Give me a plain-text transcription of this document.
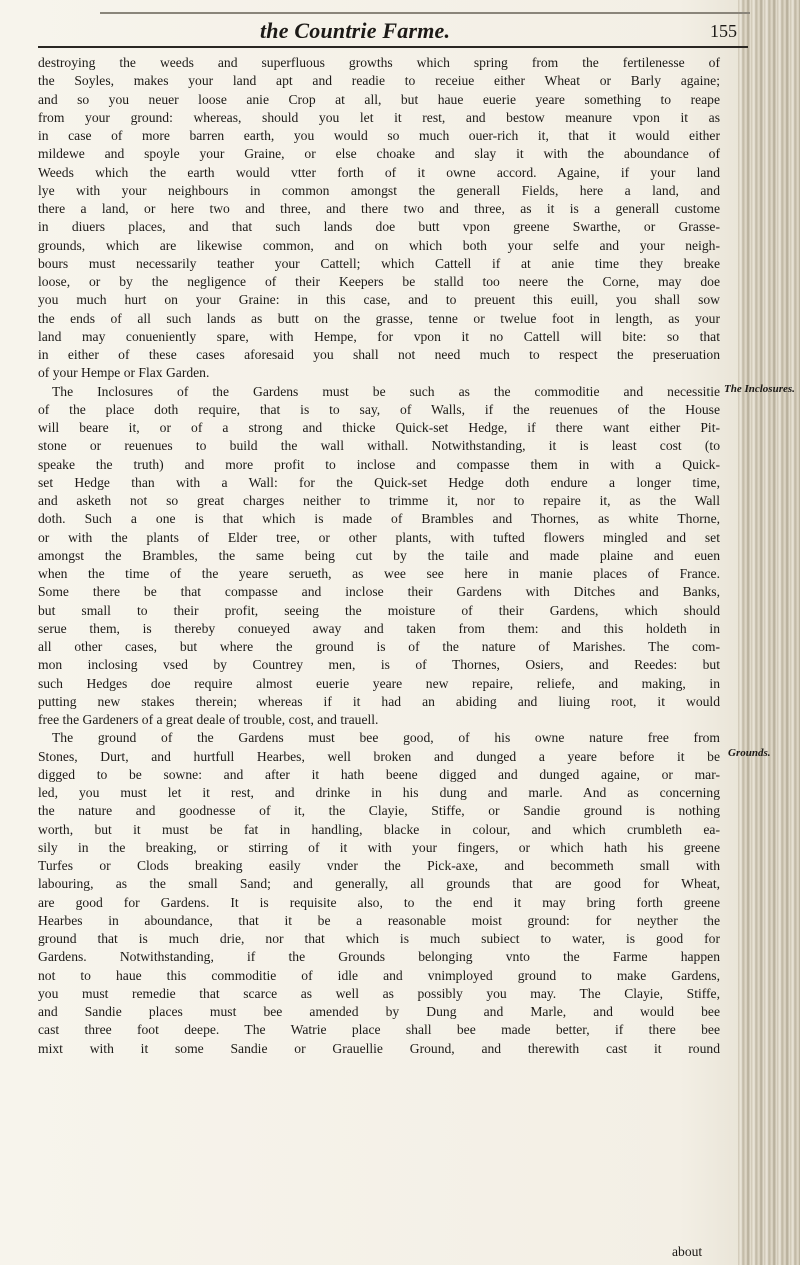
the Countrie Farme.	155
destroying the weeds and superfluous growths which spring from the fertilenesse of
the Soyles, makes your land apt and readie to receiue either Wheat or Barly againe;
and so you neuer loose anie Crop at all, but haue euerie yeare something to reape
from your ground: whereas, should you let it rest, and bestow meanure vpon it as
in case of more barren earth, you would so much ouer-rich it, that it would either
mildewe and spoyle your Graine, or else choake and slay it with the aboundance of
Weeds which the earth would vtter forth of it owne accord. Againe, if your land
lye with your neighbours in common amongst the generall Fields, here a land, and
there a land, or here two and three, and there two and three, as it is a generall custome
in diuers places, and that such lands doe butt vpon greene Swarthe, or Grasse-
grounds, which are likewise common, and on which both your selfe and your neigh-
bours must necessarily teather your Cattell; which Cattell if at anie time they breake
loose, or by the negligence of their Keepers be stalld too neere the Corne, may doe
you much hurt on your Graine: in this case, and to preuent this euill, you shall sow
the ends of all such lands as butt on the grasse, tenne or twelue foot in length, as your
land may conueniently spare, with Hempe, for vpon it no Cattell will bite: so that
in either of these cases aforesaid you shall not need much to respect the preseruation
of your Hempe or Flax Garden.
The Inclosures of the Gardens must be such as the commoditie and necessitie
of the place doth require, that is to say, of Walls, if the reuenues of the House
will beare it, or of a strong and thicke Quick-set Hedge, if there want either Pit-
stone or reuenues to build the wall withall. Notwithstanding, it is least cost (to
speake the truth) and more profit to inclose and compasse them in with a Quick-
set Hedge than with a Wall: for the Quick-set Hedge doth endure a longer time,
and asketh not so great charges neither to trimme it, nor to repaire it, as the Wall
doth. Such a one is that which is made of Brambles and Thornes, as white Thorne,
or with the plants of Elder tree, or other plants, with tufted flowers mingled and set
amongst the Brambles, the same being cut by the taile and made plaine and euen
when the time of the yeare serueth, as wee see here in manie places of France.
Some there be that compasse and inclose their Gardens with Ditches and Banks,
but small to their profit, seeing the moisture of their Gardens, which should
serue them, is thereby conueyed away and taken from them: and this holdeth in
all other cases, but where the ground is of the nature of Marishes. The com-
mon inclosing vsed by Countrey men, is of Thornes, Osiers, and Reedes: but
such Hedges doe require almost euerie yeare new repaire, reliefe, and making, in
putting new stakes therein; whereas if it had an abiding and liuing root, it would
free the Gardeners of a great deale of trouble, cost, and trauell.
The ground of the Gardens must bee good, of his owne nature free from
Stones, Durt, and hurtfull Hearbes, well broken and dunged a yeare before it be
digged to be sowne: and after it hath beene digged and dunged againe, or mar-
led, you must let it rest, and drinke in his dung and marle. And as concerning
the nature and goodnesse of it, the Clayie, Stiffe, or Sandie ground is nothing
worth, but it must be fat in handling, blacke in colour, and which crumbleth ea-
sily in the breaking, or stirring of it with your fingers, or which hath his greene
Turfes or Clods breaking easily vnder the Pick-axe, and becommeth small with
labouring, as the small Sand; and generally, all grounds that are good for Wheat,
are good for Gardens. It is requisite also, to the end it may bring forth greene
Hearbes in aboundance, that it be a reasonable moist ground: for neyther the
ground that is much drie, nor that which is much subiect to water, is good for
Gardens. Notwithstanding, if the Grounds belonging vnto the Farme happen
not to haue this commoditie of idle and vnimployed ground to make Gardens,
you must remedie that scarce as well as possibly you may. The Clayie, Stiffe,
and Sandie places must bee amended by Dung and Marle, and would bee
cast three foot deepe. The Watrie place shall bee made better, if there bee
mixt with it some Sandie or Grauellie Ground, and therewith cast it round
The Inclosures.
Grounds.
about
